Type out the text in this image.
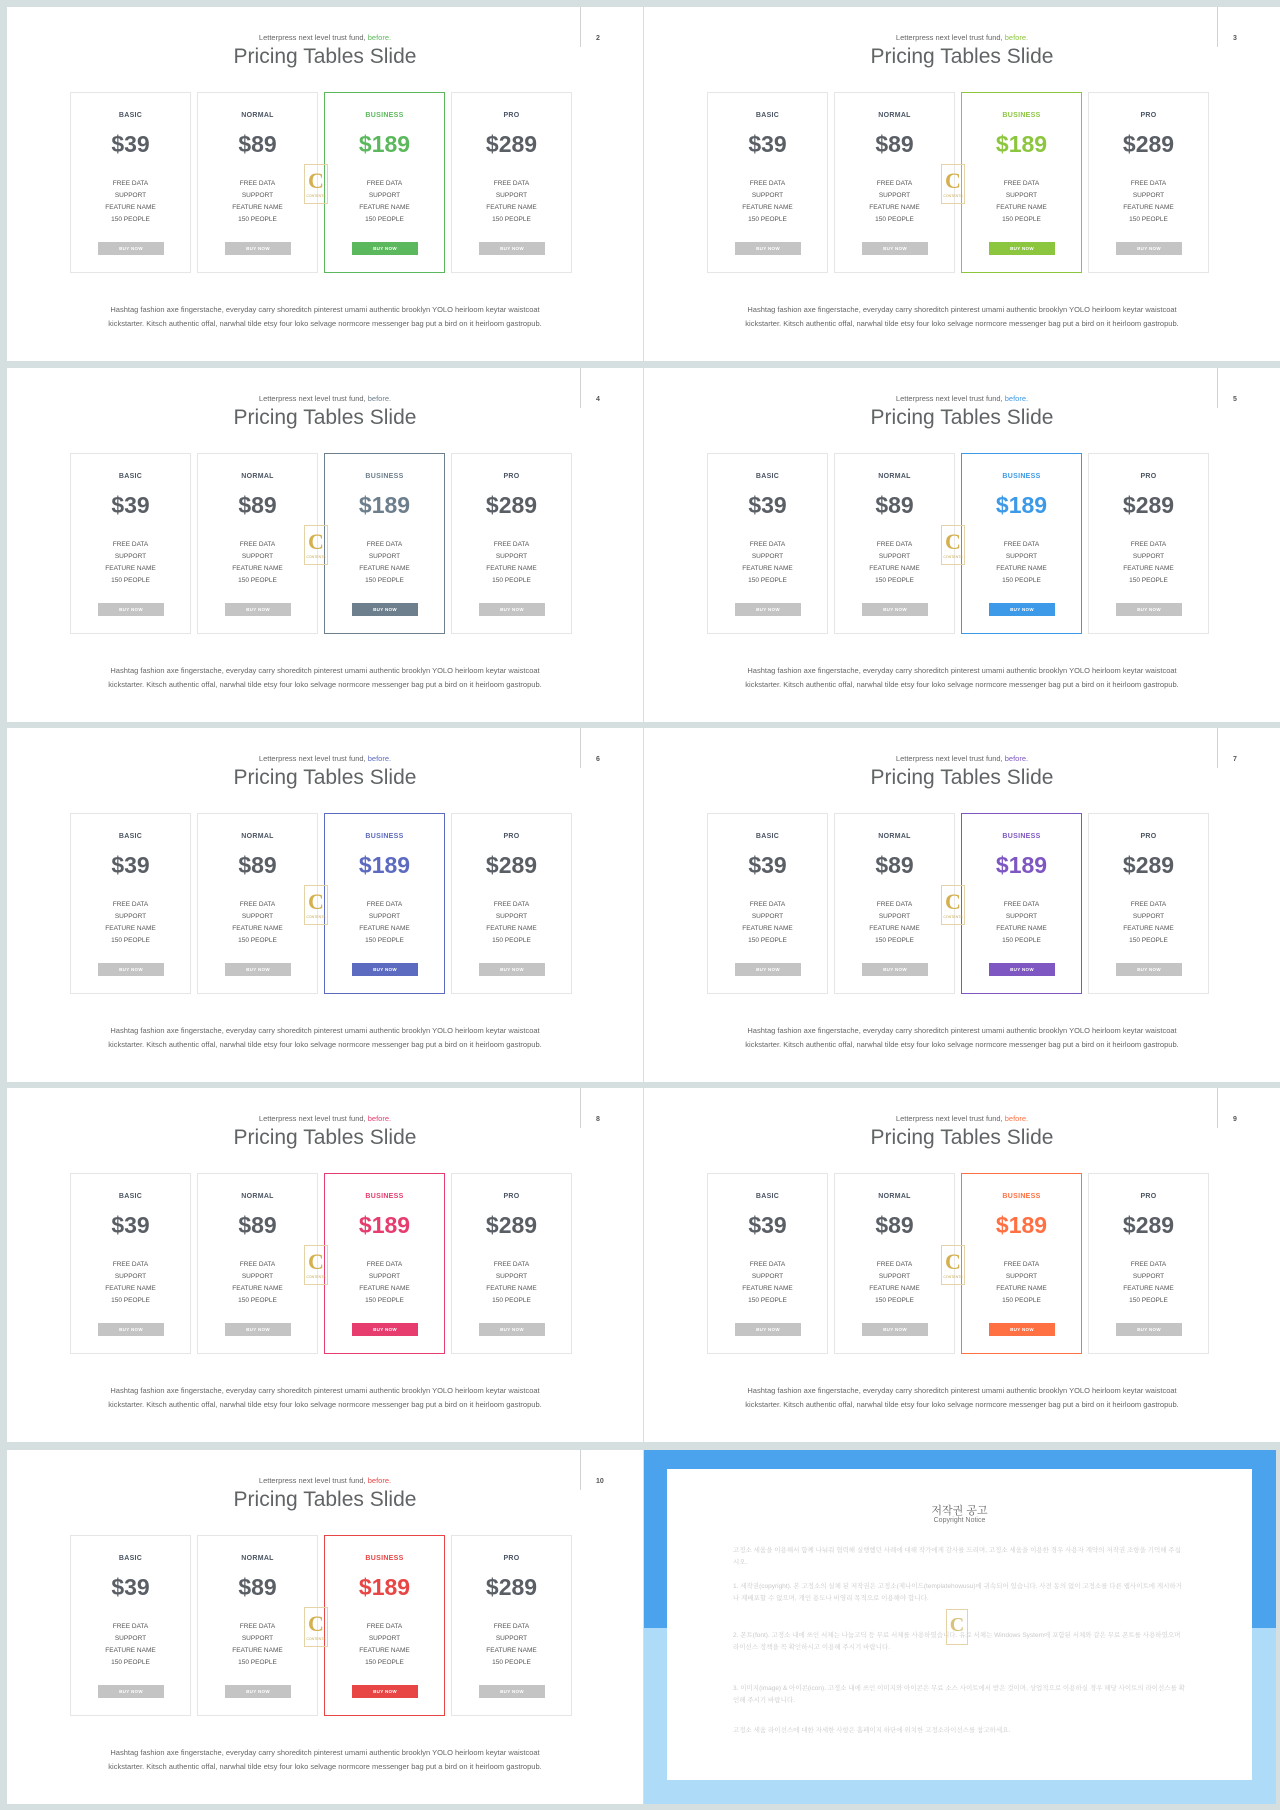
2
Letterpress next level trust fund, before.
Pricing Tables Slide
BASIC
$39
FREE DATA
SUPPORT
FEATURE NAME
150 PEOPLE
BUY NOW
NORMAL
$89
FREE DATA
SUPPORT
FEATURE NAME
150 PEOPLE
BUY NOW
BUSINESS
$189
FREE DATA
SUPPORT
FEATURE NAME
150 PEOPLE
BUY NOW
PRO
$289
FREE DATA
SUPPORT
FEATURE NAME
150 PEOPLE
BUY NOW
C
CONTENTS
Hashtag fashion axe fingerstache, everyday carry shoreditch pinterest umami authentic brooklyn YOLO heirloom keytar waistcoat kickstarter. Kitsch authentic offal, narwhal tilde etsy four loko selvage normcore messenger bag put a bird on it heirloom gastropub.
3
Letterpress next level trust fund, before.
Pricing Tables Slide
BASIC
$39
FREE DATA
SUPPORT
FEATURE NAME
150 PEOPLE
BUY NOW
NORMAL
$89
FREE DATA
SUPPORT
FEATURE NAME
150 PEOPLE
BUY NOW
BUSINESS
$189
FREE DATA
SUPPORT
FEATURE NAME
150 PEOPLE
BUY NOW
PRO
$289
FREE DATA
SUPPORT
FEATURE NAME
150 PEOPLE
BUY NOW
C
CONTENTS
Hashtag fashion axe fingerstache, everyday carry shoreditch pinterest umami authentic brooklyn YOLO heirloom keytar waistcoat kickstarter. Kitsch authentic offal, narwhal tilde etsy four loko selvage normcore messenger bag put a bird on it heirloom gastropub.
4
Letterpress next level trust fund, before.
Pricing Tables Slide
BASIC
$39
FREE DATA
SUPPORT
FEATURE NAME
150 PEOPLE
BUY NOW
NORMAL
$89
FREE DATA
SUPPORT
FEATURE NAME
150 PEOPLE
BUY NOW
BUSINESS
$189
FREE DATA
SUPPORT
FEATURE NAME
150 PEOPLE
BUY NOW
PRO
$289
FREE DATA
SUPPORT
FEATURE NAME
150 PEOPLE
BUY NOW
C
CONTENTS
Hashtag fashion axe fingerstache, everyday carry shoreditch pinterest umami authentic brooklyn YOLO heirloom keytar waistcoat kickstarter. Kitsch authentic offal, narwhal tilde etsy four loko selvage normcore messenger bag put a bird on it heirloom gastropub.
5
Letterpress next level trust fund, before.
Pricing Tables Slide
BASIC
$39
FREE DATA
SUPPORT
FEATURE NAME
150 PEOPLE
BUY NOW
NORMAL
$89
FREE DATA
SUPPORT
FEATURE NAME
150 PEOPLE
BUY NOW
BUSINESS
$189
FREE DATA
SUPPORT
FEATURE NAME
150 PEOPLE
BUY NOW
PRO
$289
FREE DATA
SUPPORT
FEATURE NAME
150 PEOPLE
BUY NOW
C
CONTENTS
Hashtag fashion axe fingerstache, everyday carry shoreditch pinterest umami authentic brooklyn YOLO heirloom keytar waistcoat kickstarter. Kitsch authentic offal, narwhal tilde etsy four loko selvage normcore messenger bag put a bird on it heirloom gastropub.
6
Letterpress next level trust fund, before.
Pricing Tables Slide
BASIC
$39
FREE DATA
SUPPORT
FEATURE NAME
150 PEOPLE
BUY NOW
NORMAL
$89
FREE DATA
SUPPORT
FEATURE NAME
150 PEOPLE
BUY NOW
BUSINESS
$189
FREE DATA
SUPPORT
FEATURE NAME
150 PEOPLE
BUY NOW
PRO
$289
FREE DATA
SUPPORT
FEATURE NAME
150 PEOPLE
BUY NOW
C
CONTENTS
Hashtag fashion axe fingerstache, everyday carry shoreditch pinterest umami authentic brooklyn YOLO heirloom keytar waistcoat kickstarter. Kitsch authentic offal, narwhal tilde etsy four loko selvage normcore messenger bag put a bird on it heirloom gastropub.
7
Letterpress next level trust fund, before.
Pricing Tables Slide
BASIC
$39
FREE DATA
SUPPORT
FEATURE NAME
150 PEOPLE
BUY NOW
NORMAL
$89
FREE DATA
SUPPORT
FEATURE NAME
150 PEOPLE
BUY NOW
BUSINESS
$189
FREE DATA
SUPPORT
FEATURE NAME
150 PEOPLE
BUY NOW
PRO
$289
FREE DATA
SUPPORT
FEATURE NAME
150 PEOPLE
BUY NOW
C
CONTENTS
Hashtag fashion axe fingerstache, everyday carry shoreditch pinterest umami authentic brooklyn YOLO heirloom keytar waistcoat kickstarter. Kitsch authentic offal, narwhal tilde etsy four loko selvage normcore messenger bag put a bird on it heirloom gastropub.
8
Letterpress next level trust fund, before.
Pricing Tables Slide
BASIC
$39
FREE DATA
SUPPORT
FEATURE NAME
150 PEOPLE
BUY NOW
NORMAL
$89
FREE DATA
SUPPORT
FEATURE NAME
150 PEOPLE
BUY NOW
BUSINESS
$189
FREE DATA
SUPPORT
FEATURE NAME
150 PEOPLE
BUY NOW
PRO
$289
FREE DATA
SUPPORT
FEATURE NAME
150 PEOPLE
BUY NOW
C
CONTENTS
Hashtag fashion axe fingerstache, everyday carry shoreditch pinterest umami authentic brooklyn YOLO heirloom keytar waistcoat kickstarter. Kitsch authentic offal, narwhal tilde etsy four loko selvage normcore messenger bag put a bird on it heirloom gastropub.
9
Letterpress next level trust fund, before.
Pricing Tables Slide
BASIC
$39
FREE DATA
SUPPORT
FEATURE NAME
150 PEOPLE
BUY NOW
NORMAL
$89
FREE DATA
SUPPORT
FEATURE NAME
150 PEOPLE
BUY NOW
BUSINESS
$189
FREE DATA
SUPPORT
FEATURE NAME
150 PEOPLE
BUY NOW
PRO
$289
FREE DATA
SUPPORT
FEATURE NAME
150 PEOPLE
BUY NOW
C
CONTENTS
Hashtag fashion axe fingerstache, everyday carry shoreditch pinterest umami authentic brooklyn YOLO heirloom keytar waistcoat kickstarter. Kitsch authentic offal, narwhal tilde etsy four loko selvage normcore messenger bag put a bird on it heirloom gastropub.
10
Letterpress next level trust fund, before.
Pricing Tables Slide
BASIC
$39
FREE DATA
SUPPORT
FEATURE NAME
150 PEOPLE
BUY NOW
NORMAL
$89
FREE DATA
SUPPORT
FEATURE NAME
150 PEOPLE
BUY NOW
BUSINESS
$189
FREE DATA
SUPPORT
FEATURE NAME
150 PEOPLE
BUY NOW
PRO
$289
FREE DATA
SUPPORT
FEATURE NAME
150 PEOPLE
BUY NOW
C
CONTENTS
Hashtag fashion axe fingerstache, everyday carry shoreditch pinterest umami authentic brooklyn YOLO heirloom keytar waistcoat kickstarter. Kitsch authentic offal, narwhal tilde etsy four loko selvage normcore messenger bag put a bird on it heirloom gastropub.
저작권 공고
Copyright Notice
고정소 세움을 이용해서 함께 나눠줘 협력해 실행했던 사례에 대해 작가에게 감사를 드리며, 고정소 세움을 이용한 경우 사용자 계약의 저작권 조항을 기억해 주십시오.
1. 세작권(copyright). 본 고정소의 실체 된 저작권은 고정소(제나이드(templatehowusu)에 귀속되어 있습니다. 사전 동의 없이 고정소를 다른 웹사이트에 게시하거나 재배포할 수 없으며, 개인 용도나 비영리 목적으로 이용해야 합니다.
2. 폰트(font). 고정소 내에 쓰인 서체는 나눔고딕 등 무료 서체를 사용하였습니다. 유료 서체는 Windows System에 포함된 서체와 같은 무료 폰트를 사용하였으며 라이선스 정책을 꼭 확인하시고 이용해 주시기 바랍니다.
3. 이미지(image) & 아이콘(icon). 고정소 내에 쓰인 이미지와 아이콘은 무료 소스 사이트에서 받은 것이며, 상업적으로 이용하실 경우 해당 사이트의 라이선스를 확인해 주시기 바랍니다.
고정소 세움 라이선스에 대한 자세한 사항은 홈페이지 하단에 위치한 고정소라이선스를 참고하세요.
C
